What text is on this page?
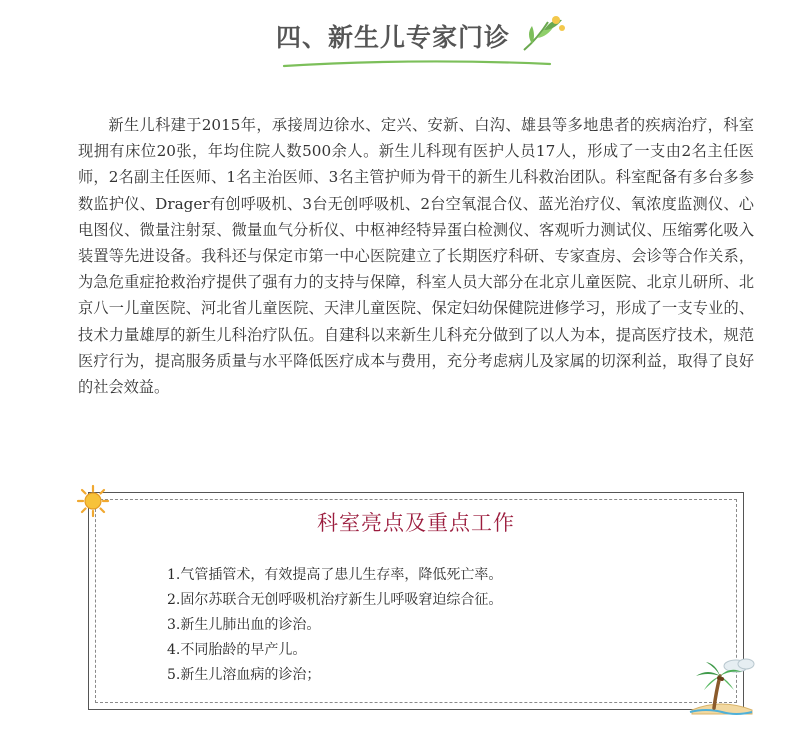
四、新生儿专家门诊

新生儿科建于2015年，承接周边徐水、定兴、安新、白沟、雄县等多地患者的疾病治疗，科室现拥有床位20张，年均住院人数500余人。新生儿科现有医护人员17人，形成了一支由2名主任医师，2名副主任医师、1名主治医师、3名主管护师为骨干的新生儿科救治团队。科室配备有多台多参数监护仪、Drager有创呼吸机、3台无创呼吸机、2台空氧混合仪、蓝光治疗仪、氧浓度监测仪、心电图仪、微量注射泵、微量血气分析仪、中枢神经特异蛋白检测仪、客观听力测试仪、压缩雾化吸入装置等先进设备。我科还与保定市第一中心医院建立了长期医疗科研、专家查房、会诊等合作关系，为急危重症抢救治疗提供了强有力的支持与保障，科室人员大部分在北京儿童医院、北京儿研所、北京八一儿童医院、河北省儿童医院、天津儿童医院、保定妇幼保健院进修学习，形成了一支专业的、技术力量雄厚的新生儿科治疗队伍。自建科以来新生儿科充分做到了以人为本，提高医疗技术，规范医疗行为，提高服务质量与水平降低医疗成本与费用，充分考虑病儿及家属的切深利益，取得了良好的社会效益。

科室亮点及重点工作
1.气管插管术，有效提高了患儿生存率，降低死亡率。
2.固尔苏联合无创呼吸机治疗新生儿呼吸窘迫综合征。
3.新生儿肺出血的诊治。
4.不同胎龄的早产儿。
5.新生儿溶血病的诊治；
